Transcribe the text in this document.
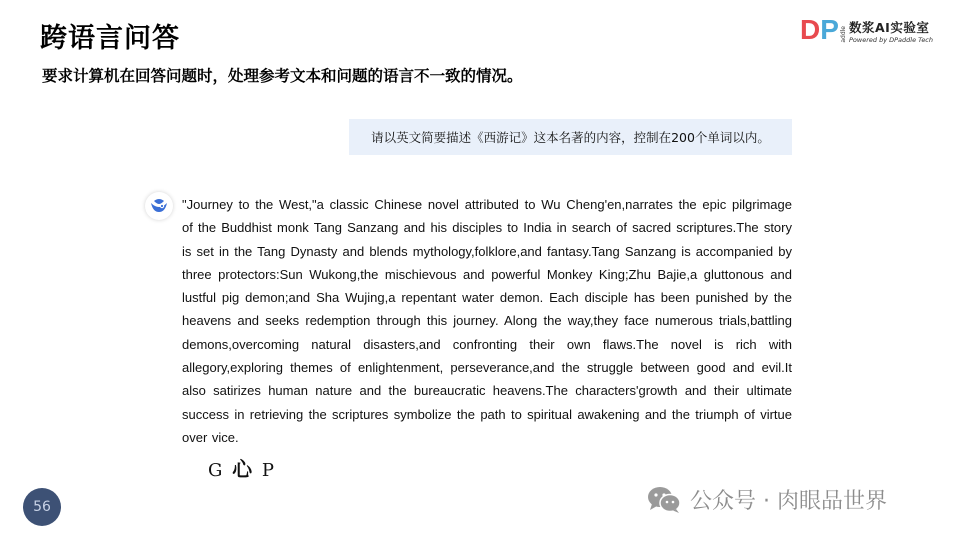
跨语言问答
要求计算机在回答问题时，处理参考文本和问题的语言不一致的情况。
DP addle 数浆AI实验室
Powered by DPaddle Tech
请以英文简要描述《西游记》这本名著的内容，控制在200个单词以内。
"Journey to the West,"a classic Chinese novel attributed to Wu Cheng'en,narrates the epic pilgrimage of the Buddhist monk Tang Sanzang and his disciples to India in search of sacred scriptures.The story is set in the Tang Dynasty and blends mythology,folklore,and fantasy.Tang Sanzang is accompanied by three protectors:Sun Wukong,the mischievous and powerful Monkey King;Zhu Bajie,a gluttonous and lustful pig demon;and Sha Wujing,a repentant water demon. Each disciple has been punished by the heavens and seeks redemption through this journey. Along the way,they face numerous trials,battling demons,overcoming natural disasters,and confronting their own flaws.The novel is rich with allegory,exploring themes of enlightenment, perseverance,and the struggle between good and evil.It also satirizes human nature and the bureaucratic heavens.The characters'growth and their ultimate success in retrieving the scriptures symbolize the path to spiritual awakening and the triumph of virtue over vice.
G 心 P
56	公众号 · 肉眼品世界
